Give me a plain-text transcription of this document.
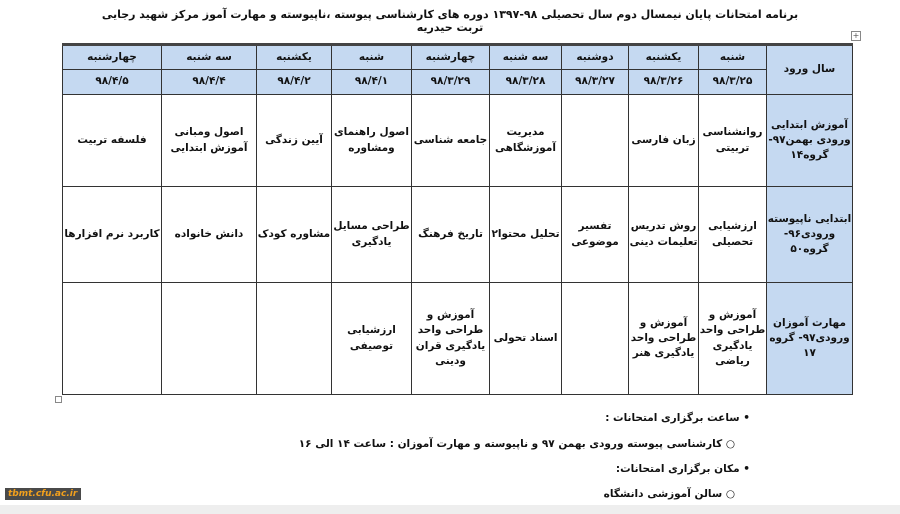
برنامه امتحانات پایان نیمسال دوم سال تحصیلی ۹۸-۱۳۹۷ دوره های کارشناسی پیوسته ،ناپیوسته و مهارت آموز مرکز شهید رجایی تربت حیدریه
+
سال ورود	شنبه	یکشنبه	دوشنبه	سه شنبه	چهارشنبه	شنبه	یکشنبه	سه شنبه	چهارشنبه
	۹۸/۳/۲۵	۹۸/۳/۲۶	۹۸/۳/۲۷	۹۸/۳/۲۸	۹۸/۳/۲۹	۹۸/۴/۱	۹۸/۴/۲	۹۸/۴/۴	۹۸/۴/۵
آموزش ابتدایی ورودی بهمن۹۷- گروه۱۴	روانشناسی تربیتی	زبان فارسی		مدیریت آموزشگاهی	جامعه شناسی	اصول راهنمای ومشاوره	آیین زندگی	اصول ومبانی آموزش ابتدایی	فلسفه تربیت
ابتدایی ناپیوسته ورودی۹۶- گروه۵۰	ارزشیابی تحصیلی	روش تدریس تعلیمات دینی	تفسیر موضوعی	تحلیل محتوا۲	تاریخ فرهنگ	طراحی مسایل یادگیری	مشاوره کودک	دانش خانواده	کاربرد نرم افزارها
مهارت آموزان ورودی۹۷- گروه ۱۷	آموزش و طراحی واحد یادگیری ریاضی	آموزش و طراحی واحد یادگیری هنر		اسناد تحولی	آموزش و طراحی واحد یادگیری قران ودینی	ارزشیابی توصیفی			
• ساعت برگزاری امتحانات :
○ کارشناسی پیوسته ورودی بهمن ۹۷ و ناپیوسته و مهارت آموزان : ساعت ۱۴ الی ۱۶
• مکان برگزاری امتحانات:
○ سالن آموزشی دانشگاه
tbmt.cfu.ac.ir
